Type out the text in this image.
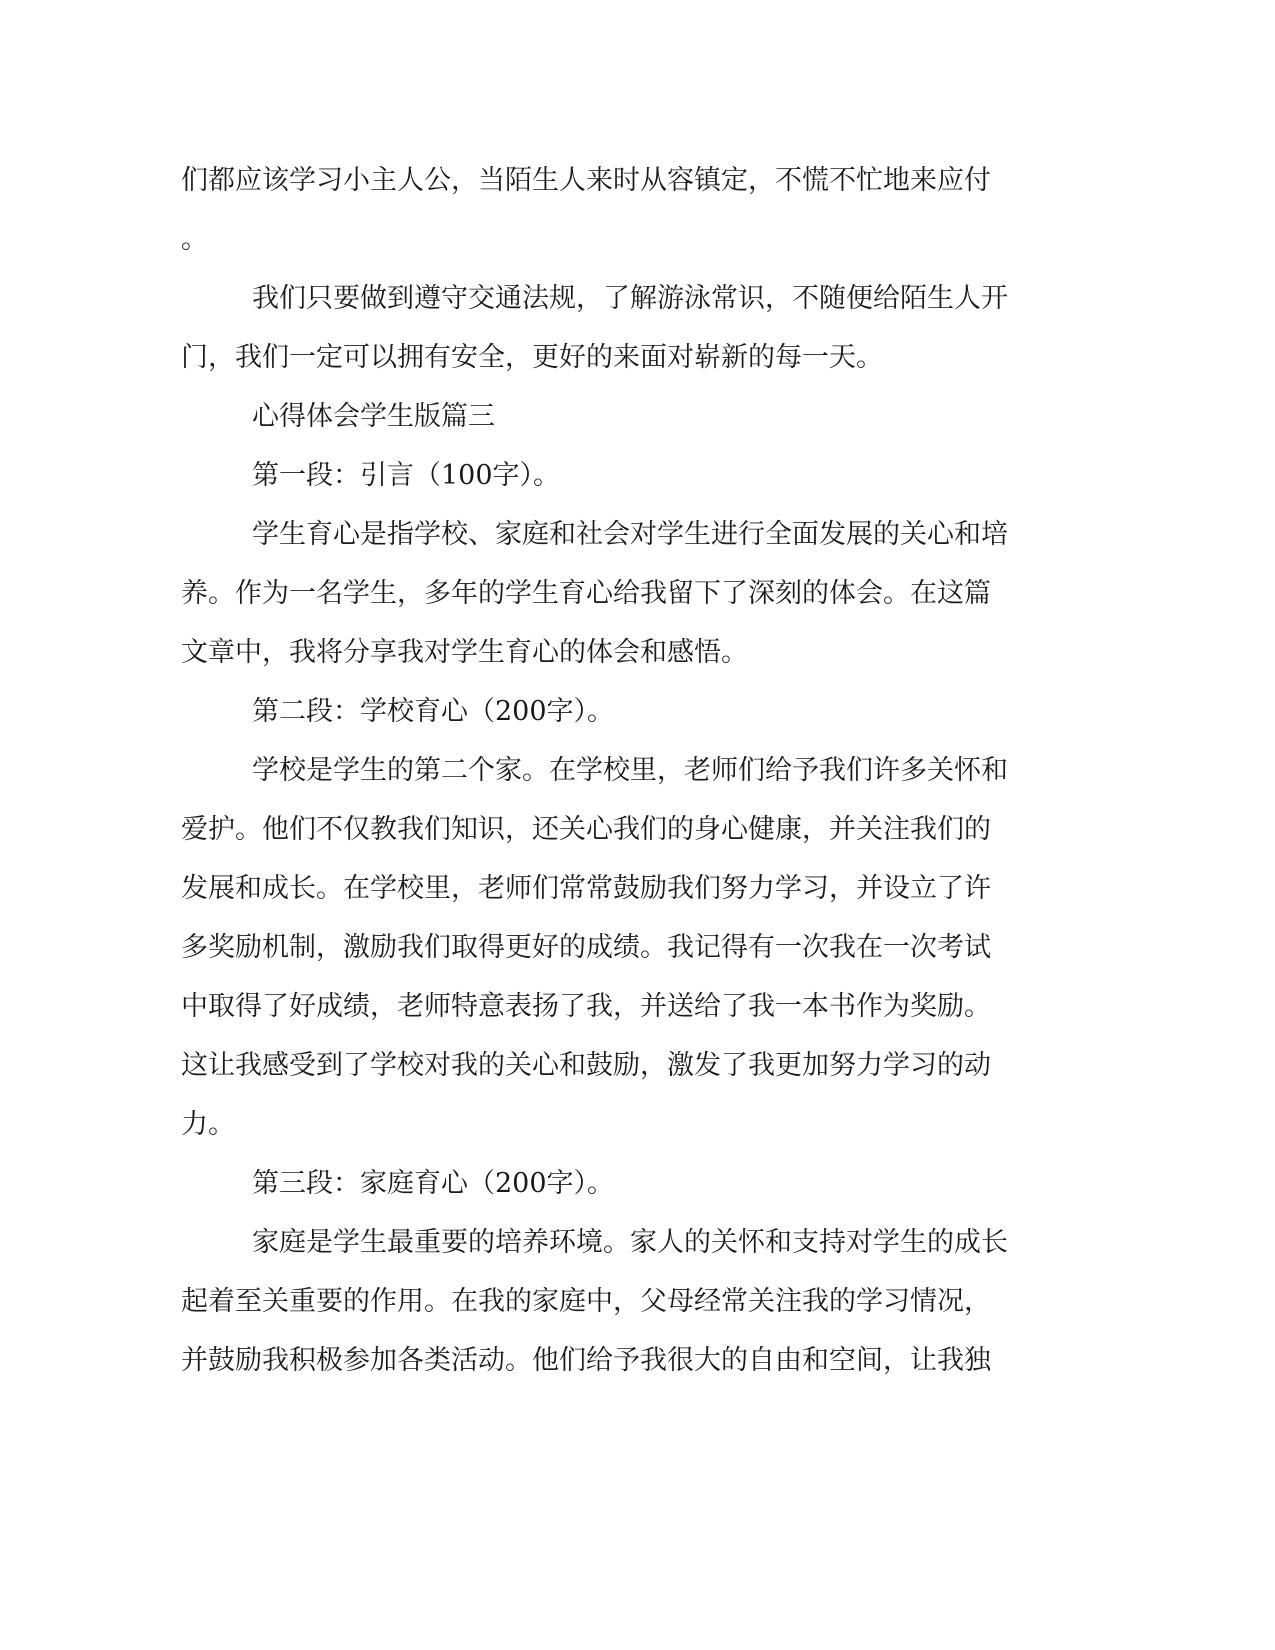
们都应该学习小主人公，当陌生人来时从容镇定，不慌不忙地来应付
。
我们只要做到遵守交通法规，了解游泳常识，不随便给陌生人开
门，我们一定可以拥有安全，更好的来面对崭新的每一天。
心得体会学生版篇三
第一段：引言（100字）。
学生育心是指学校、家庭和社会对学生进行全面发展的关心和培
养。作为一名学生，多年的学生育心给我留下了深刻的体会。在这篇
文章中，我将分享我对学生育心的体会和感悟。
第二段：学校育心（200字）。
学校是学生的第二个家。在学校里，老师们给予我们许多关怀和
爱护。他们不仅教我们知识，还关心我们的身心健康，并关注我们的
发展和成长。在学校里，老师们常常鼓励我们努力学习，并设立了许
多奖励机制，激励我们取得更好的成绩。我记得有一次我在一次考试
中取得了好成绩，老师特意表扬了我，并送给了我一本书作为奖励。
这让我感受到了学校对我的关心和鼓励，激发了我更加努力学习的动
力。
第三段：家庭育心（200字）。
家庭是学生最重要的培养环境。家人的关怀和支持对学生的成长
起着至关重要的作用。在我的家庭中，父母经常关注我的学习情况，
并鼓励我积极参加各类活动。他们给予我很大的自由和空间，让我独
